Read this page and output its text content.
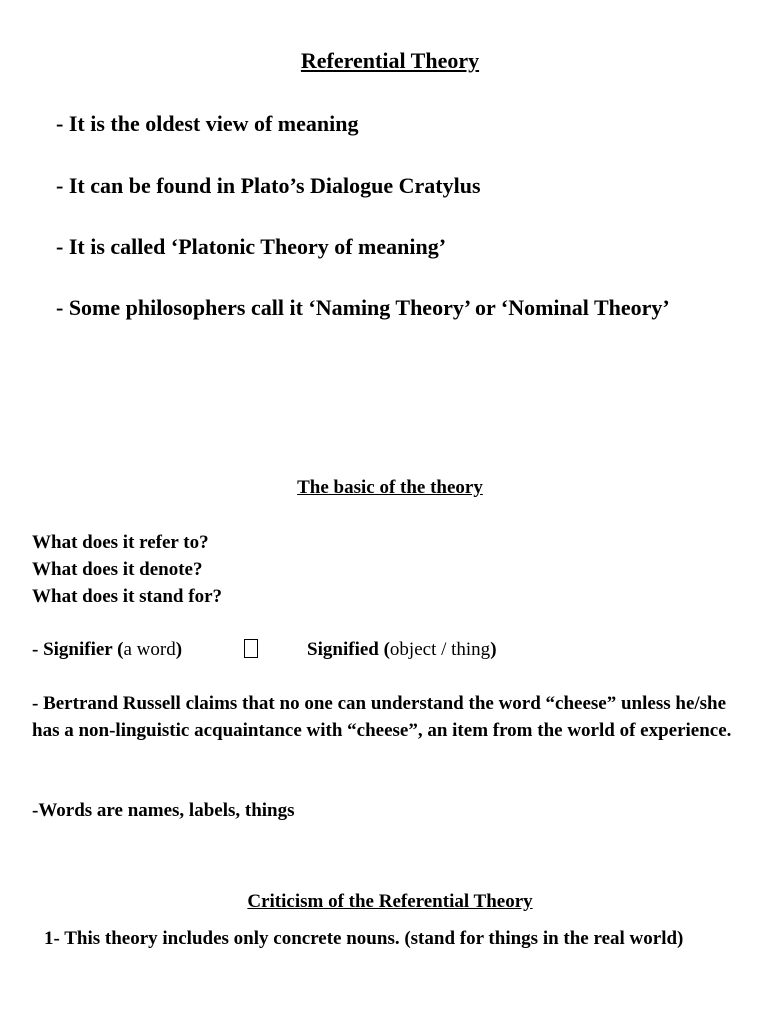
Referential Theory
- It is the oldest view of meaning
- It can be found in Plato’s Dialogue Cratylus
- It is called ‘Platonic Theory of meaning’
- Some philosophers call it ‘Naming Theory’ or ‘Nominal Theory’
The basic of the theory
What does it refer to?
What does it denote?
What does it stand for?
- Signifier (a word)	Signified (object / thing)
- Bertrand Russell claims that no one can understand the word “cheese” unless he/she has a non-linguistic acquaintance with “cheese”, an item from the world of experience.
-Words are names, labels, things
Criticism of the Referential Theory
1- This theory includes only concrete nouns. (stand for things in the real world)
